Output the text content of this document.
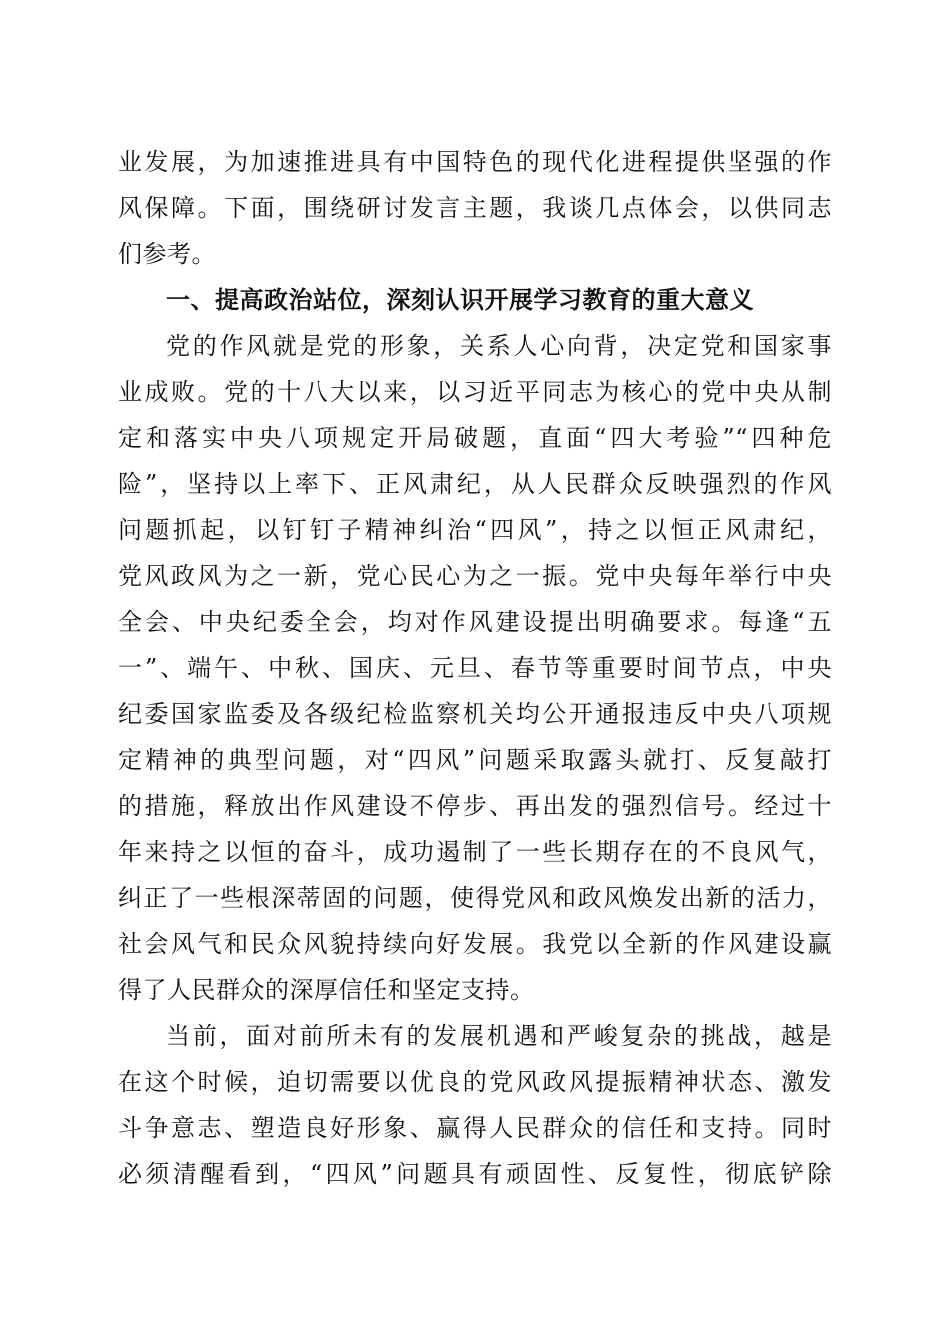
业发展，为加速推进具有中国特色的现代化进程提供坚强的作
风保障。下面，围绕研讨发言主题，我谈几点体会，以供同志
们参考。
一、提高政治站位，深刻认识开展学习教育的重大意义
党的作风就是党的形象，关系人心向背，决定党和国家事
业成败。党的十八大以来，以习近平同志为核心的党中央从制
定和落实中央八项规定开局破题，直面“四大考验”“四种危
险”，坚持以上率下、正风肃纪，从人民群众反映强烈的作风
问题抓起，以钉钉子精神纠治“四风”，持之以恒正风肃纪，
党风政风为之一新，党心民心为之一振。党中央每年举行中央
全会、中央纪委全会，均对作风建设提出明确要求。每逢“五
一”、端午、中秋、国庆、元旦、春节等重要时间节点，中央
纪委国家监委及各级纪检监察机关均公开通报违反中央八项规
定精神的典型问题，对“四风”问题采取露头就打、反复敲打
的措施，释放出作风建设不停步、再出发的强烈信号。经过十
年来持之以恒的奋斗，成功遏制了一些长期存在的不良风气，
纠正了一些根深蒂固的问题，使得党风和政风焕发出新的活力，
社会风气和民众风貌持续向好发展。我党以全新的作风建设赢
得了人民群众的深厚信任和坚定支持。
当前，面对前所未有的发展机遇和严峻复杂的挑战，越是
在这个时候，迫切需要以优良的党风政风提振精神状态、激发
斗争意志、塑造良好形象、赢得人民群众的信任和支持。同时
必须清醒看到，“四风”问题具有顽固性、反复性，彻底铲除
